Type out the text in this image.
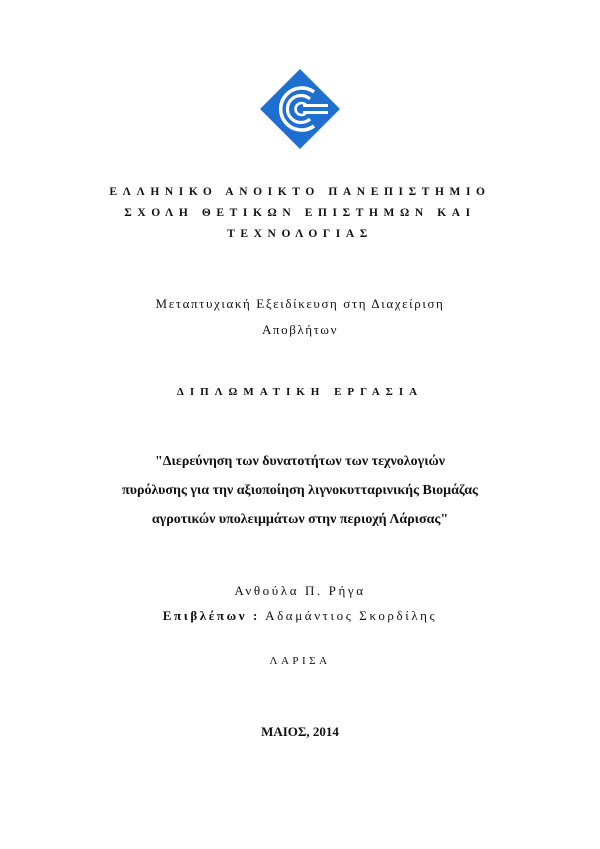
ΕΛΛΗΝΙΚΟ ΑΝΟΙΚΤΟ ΠΑΝΕΠΙΣΤΗΜΙΟ
ΣΧΟΛΗ ΘΕΤΙΚΩΝ ΕΠΙΣΤΗΜΩΝ ΚΑΙ
ΤΕΧΝΟΛΟΓΙΑΣ
Μεταπτυχιακή Εξειδίκευση στη Διαχείριση
Αποβλήτων
ΔΙΠΛΩΜΑΤΙΚΗ ΕΡΓΑΣΙΑ
"Διερεύνηση των δυνατοτήτων των τεχνολογιών
πυρόλυσης για την αξιοποίηση λιγνοκυτταρινικής Βιομάζας
αγροτικών υπολειμμάτων στην περιοχή Λάρισας"
Ανθούλα Π. Ρήγα
Επιβλέπων : Αδαμάντιος Σκορδίλης
ΛΑΡΙΣΑ
ΜΑΙΟΣ, 2014
